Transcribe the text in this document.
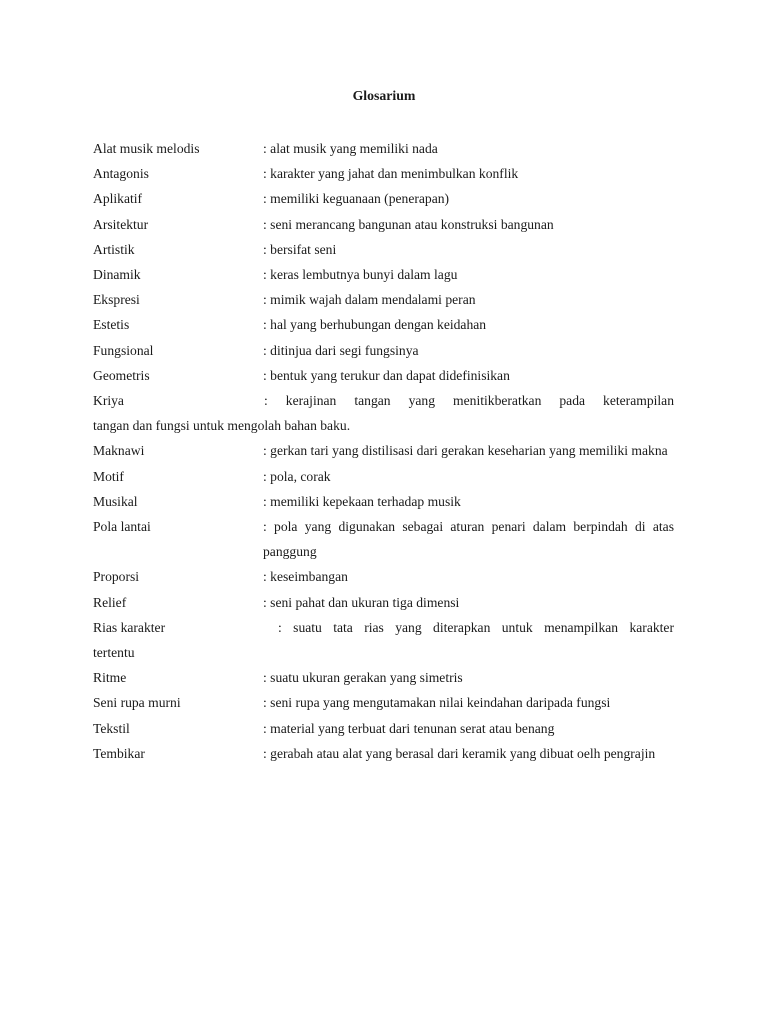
Glosarium
Alat musik melodis	: alat musik yang memiliki nada
Antagonis	: karakter yang jahat dan menimbulkan konflik
Aplikatif	: memiliki keguanaan (penerapan)
Arsitektur	: seni merancang bangunan atau konstruksi bangunan
Artistik	: bersifat seni
Dinamik	: keras lembutnya bunyi dalam lagu
Ekspresi	: mimik wajah dalam mendalami peran
Estetis	: hal yang berhubungan dengan keidahan
Fungsional	: ditinjua dari segi fungsinya
Geometris	: bentuk yang terukur dan dapat didefinisikan
Kriya	: kerajinan tangan yang menitikberatkan pada keterampilan
tangan dan fungsi untuk mengolah bahan baku.
Maknawi	: gerkan tari yang distilisasi dari gerakan keseharian yang memiliki makna
Motif	: pola, corak
Musikal	: memiliki kepekaan terhadap musik
Pola lantai	: pola yang digunakan sebagai aturan penari dalam berpindah di atas panggung
Proporsi	: keseimbangan
Relief	: seni pahat dan ukuran tiga dimensi
Rias karakter	: suatu tata rias yang diterapkan untuk menampilkan karakter
tertentu
Ritme	: suatu ukuran gerakan yang simetris
Seni rupa murni	: seni rupa yang mengutamakan nilai keindahan daripada fungsi
Tekstil	: material yang terbuat dari tenunan serat atau benang
Tembikar	: gerabah atau alat yang berasal dari keramik yang dibuat oelh pengrajin
